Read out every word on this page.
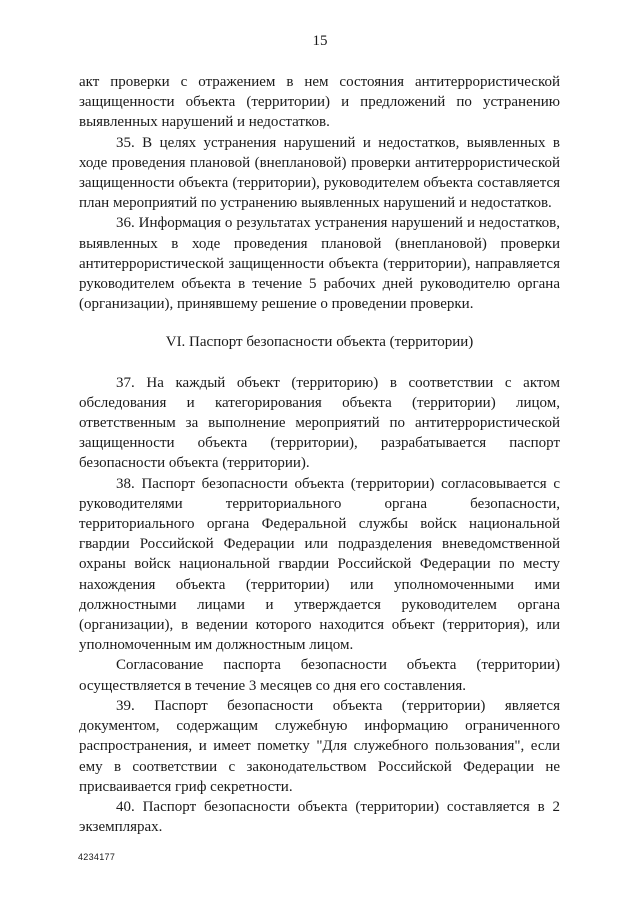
15

акт проверки с отражением в нем состояния антитеррористической защищенности объекта (территории) и предложений по устранению выявленных нарушений и недостатков.

35. В целях устранения нарушений и недостатков, выявленных в ходе проведения плановой (внеплановой) проверки антитеррористической защищенности объекта (территории), руководителем объекта составляется план мероприятий по устранению выявленных нарушений и недостатков.

36. Информация о результатах устранения нарушений и недостатков, выявленных в ходе проведения плановой (внеплановой) проверки антитеррористической защищенности объекта (территории), направляется руководителем объекта в течение 5 рабочих дней руководителю органа (организации), принявшему решение о проведении проверки.

VI. Паспорт безопасности объекта (территории)

37. На каждый объект (территорию) в соответствии с актом обследования и категорирования объекта (территории) лицом, ответственным за выполнение мероприятий по антитеррористической защищенности объекта (территории), разрабатывается паспорт безопасности объекта (территории).

38. Паспорт безопасности объекта (территории) согласовывается с руководителями территориального органа безопасности, территориального органа Федеральной службы войск национальной гвардии Российской Федерации или подразделения вневедомственной охраны войск национальной гвардии Российской Федерации по месту нахождения объекта (территории) или уполномоченными ими должностными лицами и утверждается руководителем органа (организации), в ведении которого находится объект (территория), или уполномоченным им должностным лицом.

Согласование паспорта безопасности объекта (территории) осуществляется в течение 3 месяцев со дня его составления.

39. Паспорт безопасности объекта (территории) является документом, содержащим служебную информацию ограниченного распространения, и имеет пометку "Для служебного пользования", если ему в соответствии с законодательством Российской Федерации не присваивается гриф секретности.

40. Паспорт безопасности объекта (территории) составляется в 2 экземплярах.

4234177
